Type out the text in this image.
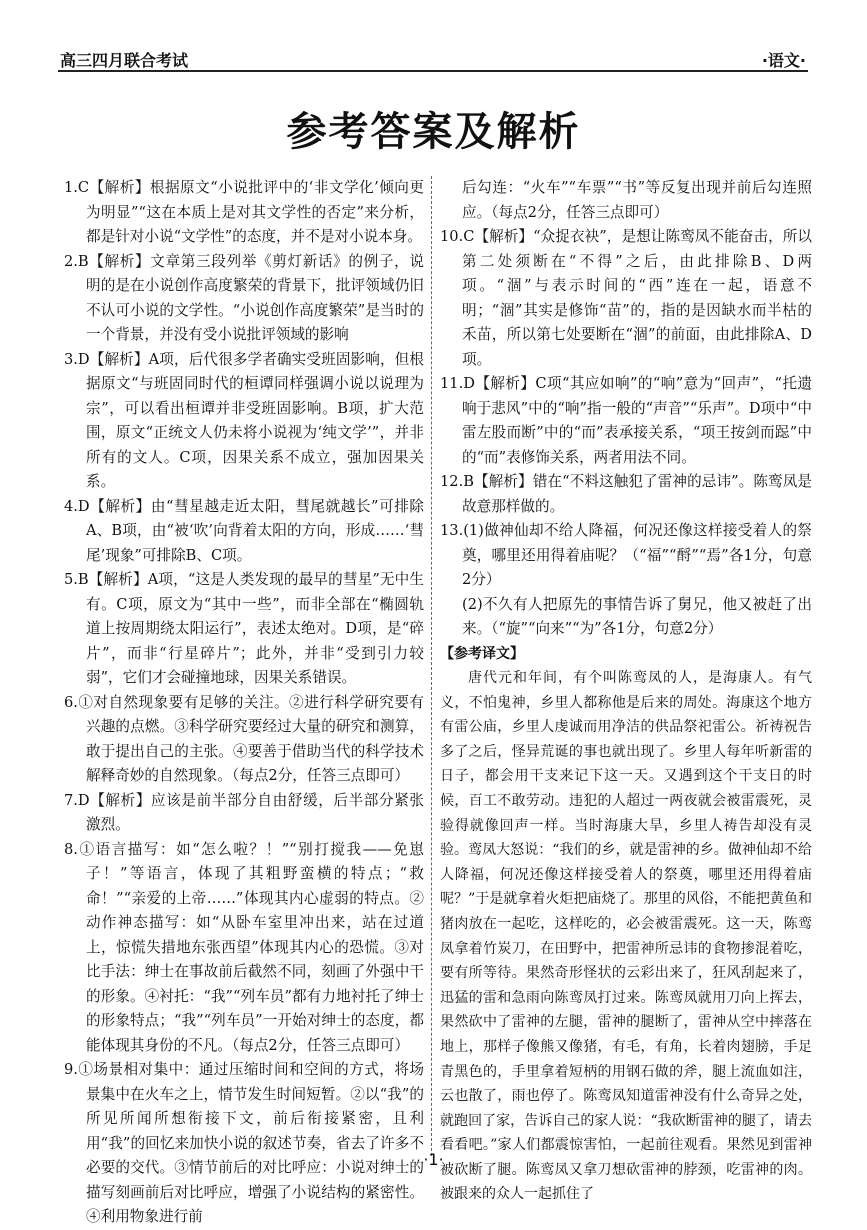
高三四月联合考试	·语文·
参考答案及解析

1.C【解析】根据原文“小说批评中的‘非文学化’倾向更为明显”“这在本质上是对其文学性的否定”来分析，都是针对小说“文学性”的态度，并不是对小说本身。

2.B【解析】文章第三段列举《剪灯新话》的例子，说明的是在小说创作高度繁荣的背景下，批评领域仍旧不认可小说的文学性。“小说创作高度繁荣”是当时的一个背景，并没有受小说批评领域的影响

3.D【解析】A项，后代很多学者确实受班固影响，但根据原文“与班固同时代的桓谭同样强调小说以说理为宗”，可以看出桓谭并非受班固影响。B项，扩大范围，原文“正统文人仍未将小说视为‘纯文学’”，并非所有的文人。C项，因果关系不成立，强加因果关系。

4.D【解析】由“彗星越走近太阳，彗尾就越长”可排除A、B项，由“被‘吹’向背着太阳的方向，形成……‘彗尾’现象”可排除B、C项。

5.B【解析】A项，“这是人类发现的最早的彗星”无中生有。C项，原文为“其中一些”，而非全部在“椭圆轨道上按周期绕太阳运行”，表述太绝对。D项，是“碎片”，而非“行星碎片”；此外，并非“受到引力较弱”，它们才会碰撞地球，因果关系错误。

6.①对自然现象要有足够的关注。②进行科学研究要有兴趣的点燃。③科学研究要经过大量的研究和测算，敢于提出自己的主张。④要善于借助当代的科学技术解释奇妙的自然现象。（每点2分，任答三点即可）

7.D【解析】应该是前半部分自由舒缓，后半部分紧张激烈。

8.①语言描写：如“怎么啦？！”“别打搅我——免崽子！”等语言，体现了其粗野蛮横的特点；“救命！”“亲爱的上帝……”体现其内心虚弱的特点。②动作神态描写：如“从卧车室里冲出来，站在过道上，惊慌失措地东张西望”体现其内心的恐慌。③对比手法：绅士在事故前后截然不同，刻画了外强中干的形象。④衬托：“我”“列车员”都有力地衬托了绅士的形象特点；“我”“列车员”一开始对绅士的态度，都能体现其身份的不凡。（每点2分，任答三点即可）

9.①场景相对集中：通过压缩时间和空间的方式，将场景集中在火车之上，情节发生时间短暂。②以“我”的所见所闻所想衔接下文，前后衔接紧密，且利用“我”的回忆来加快小说的叙述节奏，省去了许多不必要的交代。③情节前后的对比呼应：小说对绅士的描写刻画前后对比呼应，增强了小说结构的紧密性。④利用物象进行前

后勾连：“火车”“车票”“书”等反复出现并前后勾连照应。（每点2分，任答三点即可）

10.C【解析】“众捉衣袂”，是想让陈鸾凤不能奋击，所以第二处须断在“不得”之后，由此排除B、D两项。“涸”与表示时间的“西”连在一起，语意不明；“涸”其实是修饰“苗”的，指的是因缺水而半枯的禾苗，所以第七处要断在“涸”的前面，由此排除A、D项。

11.D【解析】C项“其应如响”的“响”意为“回声”，“托遗响于悲风”中的“响”指一般的“声音”“乐声”。D项中“中雷左股而断”中的“而”表承接关系，“项王按剑而跽”中的“而”表修饰关系，两者用法不同。

12.B【解析】错在“不料这触犯了雷神的忌讳”。陈鸾凤是故意那样做的。

13.(1)做神仙却不给人降福，何况还像这样接受着人的祭奠，哪里还用得着庙呢？（“福”“酹”“焉”各1分，句意2分）

(2)不久有人把原先的事情告诉了舅兄，他又被赶了出来。（“旋”“向来”“为”各1分，句意2分）

【参考译文】

唐代元和年间，有个叫陈鸾凤的人，是海康人。有气义，不怕鬼神，乡里人都称他是后来的周处。海康这个地方有雷公庙，乡里人虔诚而用净洁的供品祭祀雷公。祈祷祝告多了之后，怪异荒诞的事也就出现了。乡里人每年听新雷的日子，都会用干支来记下这一天。又遇到这个干支日的时候，百工不敢劳动。违犯的人超过一两夜就会被雷震死，灵验得就像回声一样。当时海康大旱，乡里人祷告却没有灵验。鸾凤大怒说：“我们的乡，就是雷神的乡。做神仙却不给人降福，何况还像这样接受着人的祭奠，哪里还用得着庙呢？”于是就拿着火炬把庙烧了。那里的风俗，不能把黄鱼和猪肉放在一起吃，这样吃的，必会被雷震死。这一天，陈鸾凤拿着竹炭刀，在田野中，把雷神所忌讳的食物掺混着吃，要有所等待。果然奇形怪状的云彩出来了，狂风刮起来了，迅猛的雷和急雨向陈鸾凤打过来。陈鸾凤就用刀向上挥去，果然砍中了雷神的左腿，雷神的腿断了，雷神从空中摔落在地上，那样子像熊又像猪，有毛，有角，长着肉翅膀，手足青黑色的，手里拿着短柄的用钢石做的斧，腿上流血如注，云也散了，雨也停了。陈鸾凤知道雷神没有什么奇异之处，就跑回了家，告诉自己的家人说：“我砍断雷神的腿了，请去看看吧。”家人们都震惊害怕，一起前往观看。果然见到雷神被砍断了腿。陈鸾凤又拿刀想砍雷神的脖颈，吃雷神的肉。被跟来的众人一起抓住了

·1·
